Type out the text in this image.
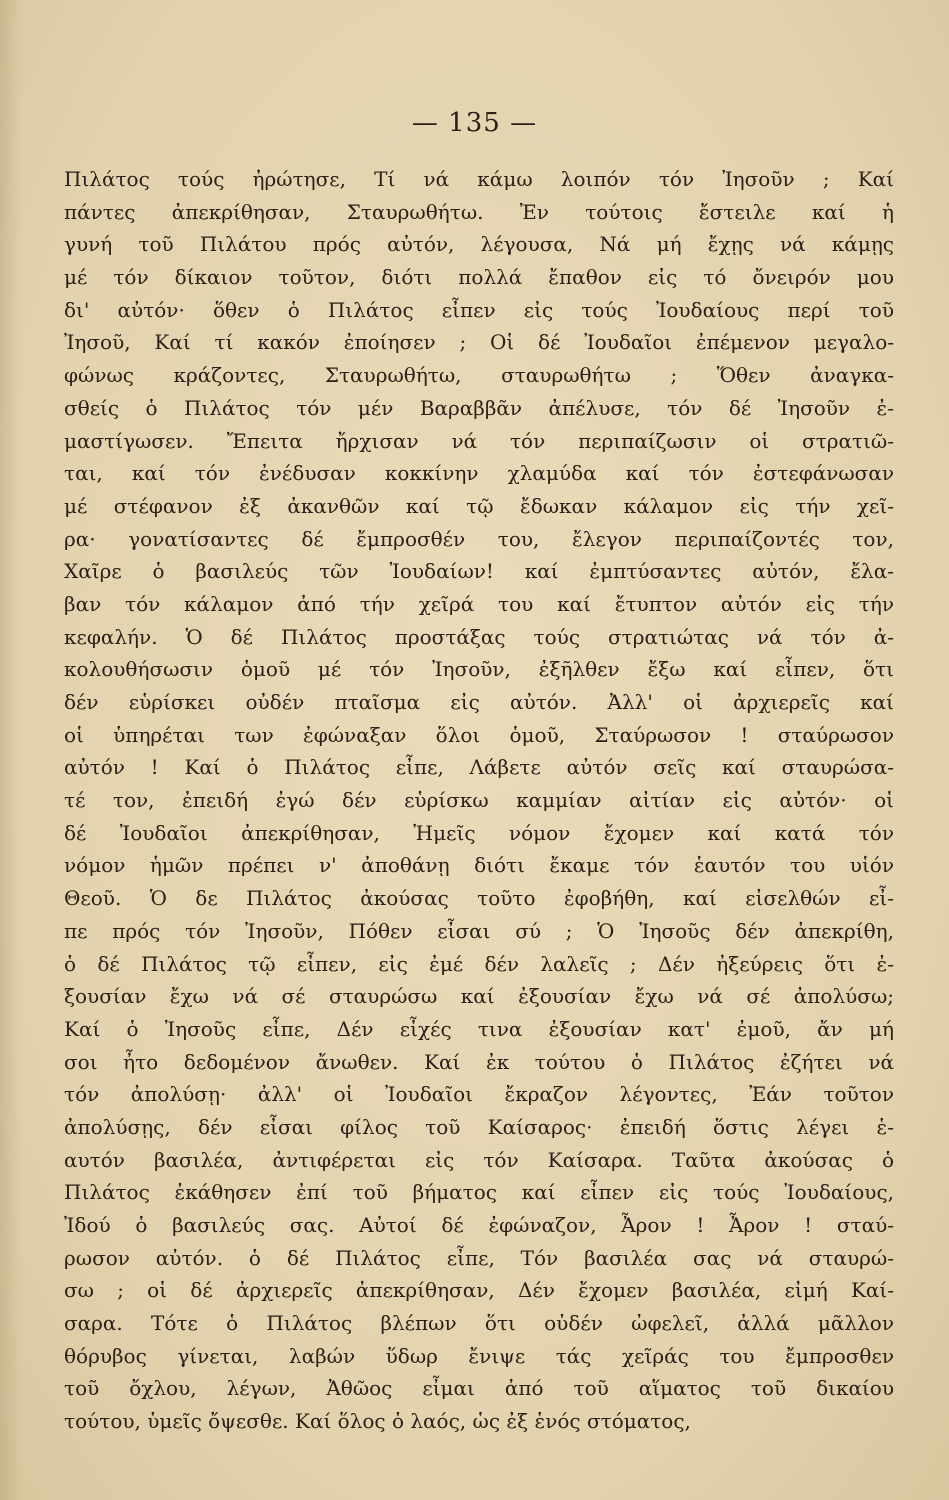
— 135 —
Πιλάτος τούς ἠρώτησε, Τί νά κάμω λοιπόν τόν Ἰησοῦν ; Καί
πάντες ἀπεκρίθησαν, Σταυρωθήτω. Ἐν τούτοις ἔστειλε καί ἡ
γυνή τοῦ Πιλάτου πρός αὐτόν, λέγουσα, Νά μή ἔχῃς νά κάμῃς
μέ τόν δίκαιον τοῦτον, διότι πολλά ἔπαθον εἰς τό ὄνειρόν μου
δι' αὐτόν· ὅθεν ὁ Πιλάτος εἶπεν εἰς τούς Ἰουδαίους περί τοῦ
Ἰησοῦ, Καί τί κακόν ἐποίησεν ; Οἱ δέ Ἰουδαῖοι ἐπέμενον μεγαλο-
φώνως κράζοντες, Σταυρωθήτω, σταυρωθήτω ; Ὅθεν ἀναγκα-
σθείς ὁ Πιλάτος τόν μέν Βαραββᾶν ἀπέλυσε, τόν δέ Ἰησοῦν ἐ-
μαστίγωσεν. Ἔπειτα ἤρχισαν νά τόν περιπαίζωσιν οἱ στρατιῶ-
ται, καί τόν ἐνέδυσαν κοκκίνην χλαμύδα καί τόν ἐστεφάνωσαν
μέ στέφανον ἐξ ἀκανθῶν καί τῷ ἔδωκαν κάλαμον εἰς τήν χεῖ-
ρα· γονατίσαντες δέ ἔμπροσθέν του, ἔλεγον περιπαίζοντές τον,
Χαῖρε ὁ βασιλεύς τῶν Ἰουδαίων! καί ἐμπτύσαντες αὐτόν, ἔλα-
βαν τόν κάλαμον ἀπό τήν χεῖρά του καί ἔτυπτον αὐτόν εἰς τήν
κεφαλήν. Ὁ δέ Πιλάτος προστάξας τούς στρατιώτας νά τόν ἀ-
κολουθήσωσιν ὁμοῦ μέ τόν Ἰησοῦν, ἐξῆλθεν ἔξω καί εἶπεν, ὅτι
δέν εὑρίσκει οὐδέν πταῖσμα εἰς αὐτόν. Ἀλλ' οἱ ἀρχιερεῖς καί
οἱ ὑπηρέται των ἐφώναξαν ὅλοι ὁμοῦ, Σταύρωσον ! σταύρωσον
αὐτόν ! Καί ὁ Πιλάτος εἶπε, Λάβετε αὐτόν σεῖς καί σταυρώσα-
τέ τον, ἐπειδή ἐγώ δέν εὑρίσκω καμμίαν αἰτίαν εἰς αὐτόν· οἱ
δέ Ἰουδαῖοι ἀπεκρίθησαν, Ἡμεῖς νόμον ἔχομεν καί κατά τόν
νόμον ἡμῶν πρέπει ν' ἀποθάνῃ διότι ἔκαμε τόν ἑαυτόν του υἱόν
Θεοῦ. Ὁ δε Πιλάτος ἀκούσας τοῦτο ἐφοβήθη, καί εἰσελθών εἶ-
πε πρός τόν Ἰησοῦν, Πόθεν εἶσαι σύ ; Ὁ Ἰησοῦς δέν ἀπεκρίθη,
ὁ δέ Πιλάτος τῷ εἶπεν, εἰς ἐμέ δέν λαλεῖς ; Δέν ἠξεύρεις ὅτι ἐ-
ξουσίαν ἔχω νά σέ σταυρώσω καί ἐξουσίαν ἔχω νά σέ ἀπολύσω;
Καί ὁ Ἰησοῦς εἶπε, Δέν εἶχές τινα ἐξουσίαν κατ' ἐμοῦ, ἄν μή
σοι ἦτο δεδομένον ἄνωθεν. Καί ἐκ τούτου ὁ Πιλάτος ἐζήτει νά
τόν ἀπολύσῃ· ἀλλ' οἱ Ἰουδαῖοι ἔκραζον λέγοντες, Ἐάν τοῦτον
ἀπολύσῃς, δέν εἶσαι φίλος τοῦ Καίσαρος· ἐπειδή ὅστις λέγει ἑ-
αυτόν βασιλέα, ἀντιφέρεται εἰς τόν Καίσαρα. Ταῦτα ἀκούσας ὁ
Πιλάτος ἐκάθησεν ἐπί τοῦ βήματος καί εἶπεν εἰς τούς Ἰουδαίους,
Ἰδού ὁ βασιλεύς σας. Αὐτοί δέ ἐφώναζον, Ἆρον ! Ἆρον ! σταύ-
ρωσον αὐτόν. ὁ δέ Πιλάτος εἶπε, Τόν βασιλέα σας νά σταυρώ-
σω ; οἱ δέ ἀρχιερεῖς ἀπεκρίθησαν, Δέν ἔχομεν βασιλέα, εἰμή Καί-
σαρα. Τότε ὁ Πιλάτος βλέπων ὅτι οὐδέν ὠφελεῖ, ἀλλά μᾶλλον
θόρυβος γίνεται, λαβών ὕδωρ ἔνιψε τάς χεῖράς του ἔμπροσθεν
τοῦ ὄχλου, λέγων, Ἀθῶος εἶμαι ἀπό τοῦ αἵματος τοῦ δικαίου
τούτου, ὑμεῖς ὄψεσθε. Καί ὅλος ὁ λαός, ὡς ἐξ ἑνός στόματος,
